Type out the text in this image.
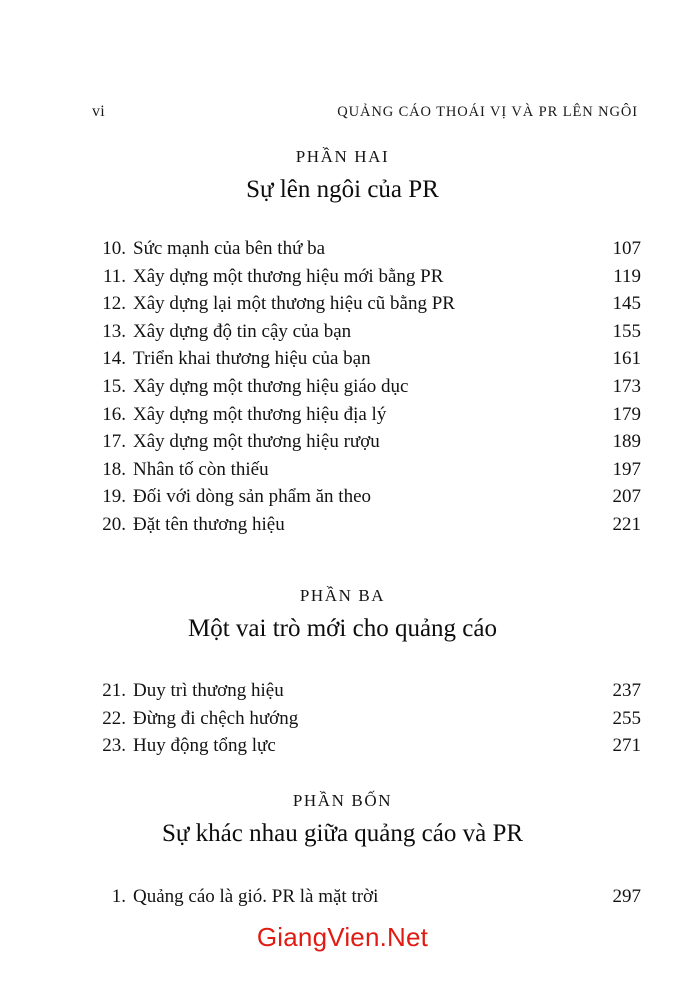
vi	QUẢNG CÁO THOÁI VỊ VÀ PR LÊN NGÔI
PHẦN HAI
Sự lên ngôi của PR
10. Sức mạnh của bên thứ ba	107
11. Xây dựng một thương hiệu mới bằng PR	119
12. Xây dựng lại một thương hiệu cũ bằng PR	145
13. Xây dựng độ tin cậy của bạn	155
14. Triển khai thương hiệu của bạn	161
15. Xây dựng một thương hiệu giáo dục	173
16. Xây dựng một thương hiệu địa lý	179
17. Xây dựng một thương hiệu rượu	189
18. Nhân tố còn thiếu	197
19. Đối với dòng sản phẩm ăn theo	207
20. Đặt tên thương hiệu	221
PHẦN BA
Một vai trò mới cho quảng cáo
21. Duy trì thương hiệu	237
22. Đừng đi chệch hướng	255
23. Huy động tổng lực	271
PHẦN BỐN
Sự khác nhau giữa quảng cáo và PR
1. Quảng cáo là gió. PR là mặt trời	297
GiangVien.Net
